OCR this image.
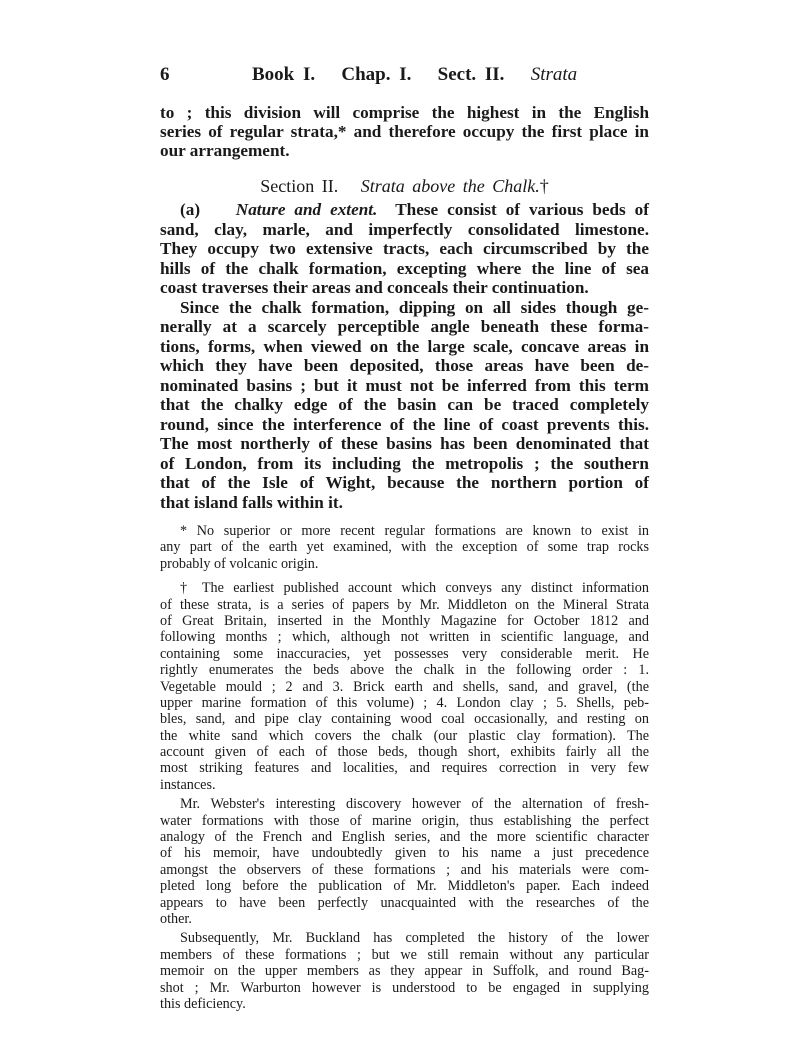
6	Book I.   Chap. I.   Sect. II. Strata
to ; this division will comprise the highest in the English
series of regular strata,* and therefore occupy the first place in
our arrangement.
Section II. Strata above the Chalk.†
(a) Nature and extent. These consist of various beds of
sand, clay, marle, and imperfectly consolidated limestone.
They occupy two extensive tracts, each circumscribed by the
hills of the chalk formation, excepting where the line of sea
coast traverses their areas and conceals their continuation.
Since the chalk formation, dipping on all sides though ge-
nerally at a scarcely perceptible angle beneath these forma-
tions, forms, when viewed on the large scale, concave areas in
which they have been deposited, those areas have been de-
nominated basins ; but it must not be inferred from this term
that the chalky edge of the basin can be traced completely
round, since the interference of the line of coast prevents this.
The most northerly of these basins has been denominated that
of London, from its including the metropolis ; the southern
that of the Isle of Wight, because the northern portion of
that island falls within it.
* No superior or more recent regular formations are known to exist in
any part of the earth yet examined, with the exception of some trap rocks
probably of volcanic origin.
† The earliest published account which conveys any distinct information
of these strata, is a series of papers by Mr. Middleton on the Mineral Strata
of Great Britain, inserted in the Monthly Magazine for October 1812 and
following months ; which, although not written in scientific language, and
containing some inaccuracies, yet possesses very considerable merit. He
rightly enumerates the beds above the chalk in the following order : 1.
Vegetable mould ; 2 and 3. Brick earth and shells, sand, and gravel, (the
upper marine formation of this volume) ; 4. London clay ; 5. Shells, peb-
bles, sand, and pipe clay containing wood coal occasionally, and resting on
the white sand which covers the chalk (our plastic clay formation). The
account given of each of those beds, though short, exhibits fairly all the
most striking features and localities, and requires correction in very few
instances.
Mr. Webster's interesting discovery however of the alternation of fresh-
water formations with those of marine origin, thus establishing the perfect
analogy of the French and English series, and the more scientific character
of his memoir, have undoubtedly given to his name a just precedence
amongst the observers of these formations ; and his materials were com-
pleted long before the publication of Mr. Middleton's paper. Each indeed
appears to have been perfectly unacquainted with the researches of the
other.
Subsequently, Mr. Buckland has completed the history of the lower
members of these formations ; but we still remain without any particular
memoir on the upper members as they appear in Suffolk, and round Bag-
shot ; Mr. Warburton however is understood to be engaged in supplying
this deficiency.
